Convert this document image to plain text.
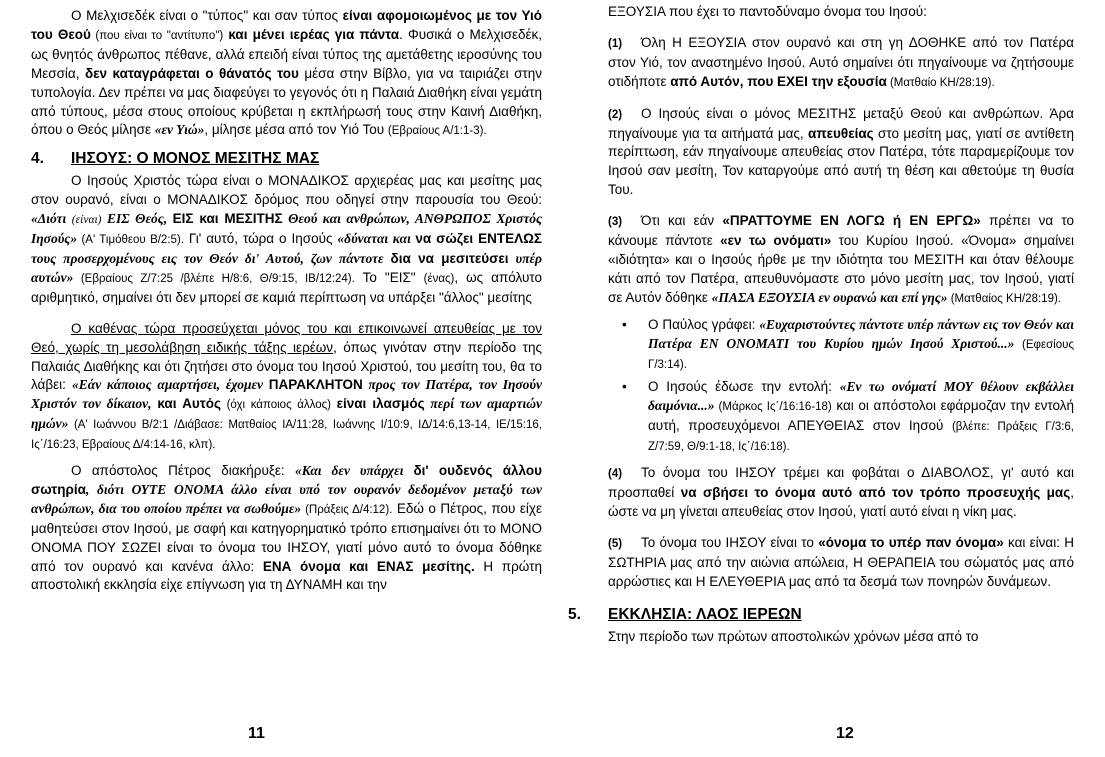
Ο Μελχισεδέκ είναι ο "τύπος" και σαν τύπος είναι αφομοιωμένος με τον Υιό του Θεού (που είναι το "αντίτυπο") και μένει ιερέας για πάντα. Φυσικά ο Μελχισεδέκ, ως θνητός άνθρωπος πέθανε, αλλά επειδή είναι τύπος της αμετάθετης ιεροσύνης του Μεσσία, δεν καταγράφεται ο θάνατός του μέσα στην Βίβλο, για να ταιριάζει στην τυπολογία. Δεν πρέπει να μας διαφεύγει το γεγονός ότι η Παλαιά Διαθήκη είναι γεμάτη από τύπους, μέσα στους οποίους κρύβεται η εκπλήρωσή τους στην Καινή Διαθήκη, όπου ο Θεός μίλησε «εν Υιώ», μίλησε μέσα από τον Υιό Του (Εβραίους Α/1:1-3).

4. ΙΗΣΟΥΣ: Ο ΜΟΝΟΣ ΜΕΣΙΤΗΣ ΜΑΣ

Ο Ιησούς Χριστός τώρα είναι ο ΜΟΝΑΔΙΚΟΣ αρχιερέας μας και μεσίτης μας στον ουρανό, είναι ο ΜΟΝΑΔΙΚΟΣ δρόμος που οδηγεί στην παρουσία του Θεού: «Διότι (είναι) ΕΙΣ Θεός, ΕΙΣ και ΜΕΣΙΤΗΣ Θεού και ανθρώπων, ΑΝΘΡΩΠΟΣ Χριστός Ιησούς» (Α' Τιμόθεου Β/2:5). Γι' αυτό, τώρα ο Ιησούς «δύναται και να σώζει ΕΝΤΕΛΩΣ τους προσερχομένους εις τον Θεόν δι' Αυτού, ζων πάντοτε δια να μεσιτεύσει υπέρ αυτών» (Εβραίους Ζ/7:25 /βλέπε Η/8:6, Θ/9:15, ΙΒ/12:24). Το "ΕΙΣ" (ένας), ως απόλυτο αριθμητικό, σημαίνει ότι δεν μπορεί σε καμιά περίπτωση να υπάρξει "άλλος" μεσίτης

Ο καθένας τώρα προσεύχεται μόνος του και επικοινωνεί απευθείας με τον Θεό, χωρίς τη μεσολάβηση ειδικής τάξης ιερέων, όπως γινόταν στην περίοδο της Παλαιάς Διαθήκης και ότι ζητήσει στο όνομα του Ιησού Χριστού, του μεσίτη του, θα το λάβει: «Εάν κάποιος αμαρτήσει, έχομεν ΠΑΡΑΚΛΗΤΟΝ προς τον Πατέρα, τον Ιησούν Χριστόν τον δίκαιον, και Αυτός (όχι κάποιος άλλος) είναι ιλασμός περί των αμαρτιών ημών» (Α' Ιωάννου Β/2:1 /Διάβασε: Ματθαίος ΙΑ/11:28, Ιωάννης Ι/10:9, ΙΔ/14:6,13-14, ΙΕ/15:16, Ις΄/16:23, Εβραίους Δ/4:14-16, κλπ).

Ο απόστολος Πέτρος διακήρυξε: «Και δεν υπάρχει δι' ουδενός άλλου σωτηρία, διότι ΟΥΤΕ ΟΝΟΜΑ άλλο είναι υπό τον ουρανόν δεδομένον μεταξύ των ανθρώπων, δια του οποίου πρέπει να σωθούμε» (Πράξεις Δ/4:12). Εδώ ο Πέτρος, που είχε μαθητεύσει στον Ιησού, με σαφή και κατηγορηματικό τρόπο επισημαίνει ότι το ΜΟΝΟ ΟΝΟΜΑ ΠΟΥ ΣΩΖΕΙ είναι το όνομα του ΙΗΣΟΥ, γιατί μόνο αυτό το όνομα δόθηκε από τον ουρανό και κανένα άλλο: ΕΝΑ όνομα και ΕΝΑΣ μεσίτης. Η πρώτη αποστολική εκκλησία είχε επίγνωση για τη ΔΥΝΑΜΗ και την

11

ΕΞΟΥΣΙΑ που έχει το παντοδύναμο όνομα του Ιησού:

(1) Όλη Η ΕΞΟΥΣΙΑ στον ουρανό και στη γη ΔΟΘΗΚΕ από τον Πατέρα στον Υιό, τον αναστημένο Ιησού. Αυτό σημαίνει ότι πηγαίνουμε να ζητήσουμε οτιδήποτε από Αυτόν, που ΕΧΕΙ την εξουσία (Ματθαίο ΚΗ/28:19).

(2) Ο Ιησούς είναι ο μόνος ΜΕΣΙΤΗΣ μεταξύ Θεού και ανθρώπων. Άρα πηγαίνουμε για τα αιτήματά μας, απευθείας στο μεσίτη μας, γιατί σε αντίθετη περίπτωση, εάν πηγαίνουμε απευθείας στον Πατέρα, τότε παραμερίζουμε τον Ιησού σαν μεσίτη, Τον καταργούμε από αυτή τη θέση και αθετούμε τη θυσία Του.

(3) Ότι και εάν «ΠΡΑΤΤΟΥΜΕ ΕΝ ΛΟΓΩ ή ΕΝ ΕΡΓΩ» πρέπει να το κάνουμε πάντοτε «εν τω ονόματι» του Κυρίου Ιησού. «Όνομα» σημαίνει «ιδιότητα» και ο Ιησούς ήρθε με την ιδιότητα του ΜΕΣΙΤΗ και όταν θέλουμε κάτι από τον Πατέρα, απευθυνόμαστε στο μόνο μεσίτη μας, τον Ιησού, γιατί σε Αυτόν δόθηκε «ΠΑΣΑ ΕΞΟΥΣΙΑ εν ουρανώ και επί γης» (Ματθαίος ΚΗ/28:19).

• Ο Παύλος γράφει: «Ευχαριστούντες πάντοτε υπέρ πάντων εις τον Θεόν και Πατέρα ΕΝ ΟΝΟΜΑΤΙ του Κυρίου ημών Ιησού Χριστού...» (Εφεσίους Γ/3:14).
• Ο Ιησούς έδωσε την εντολή: «Εν τω ονόματί ΜΟΥ θέλουν εκβάλλει δαιμόνια...» (Μάρκος Ις΄/16:16-18) και οι απόστολοι εφάρμοζαν την εντολή αυτή, προσευχόμενοι ΑΠΕΥΘΕΙΑΣ στον Ιησού (βλέπε: Πράξεις Γ/3:6, Ζ/7:59, Θ/9:1-18, Ις΄/16:18).

(4) Το όνομα του ΙΗΣΟΥ τρέμει και φοβάται ο ΔΙΑΒΟΛΟΣ, γι' αυτό και προσπαθεί να σβήσει το όνομα αυτό από τον τρόπο προσευχής μας, ώστε να μη γίνεται απευθείας στον Ιησού, γιατί αυτό είναι η νίκη μας.

(5) Το όνομα του ΙΗΣΟΥ είναι το «όνομα το υπέρ παν όνομα» και είναι: Η ΣΩΤΗΡΙΑ μας από την αιώνια απώλεια, Η ΘΕΡΑΠΕΙΑ του σώματός μας από αρρώστιες και Η ΕΛΕΥΘΕΡΙΑ μας από τα δεσμά των πονηρών δυνάμεων.

5. ΕΚΚΛΗΣΙΑ: ΛΑΟΣ ΙΕΡΕΩΝ

Στην περίοδο των πρώτων αποστολικών χρόνων μέσα από το

12
